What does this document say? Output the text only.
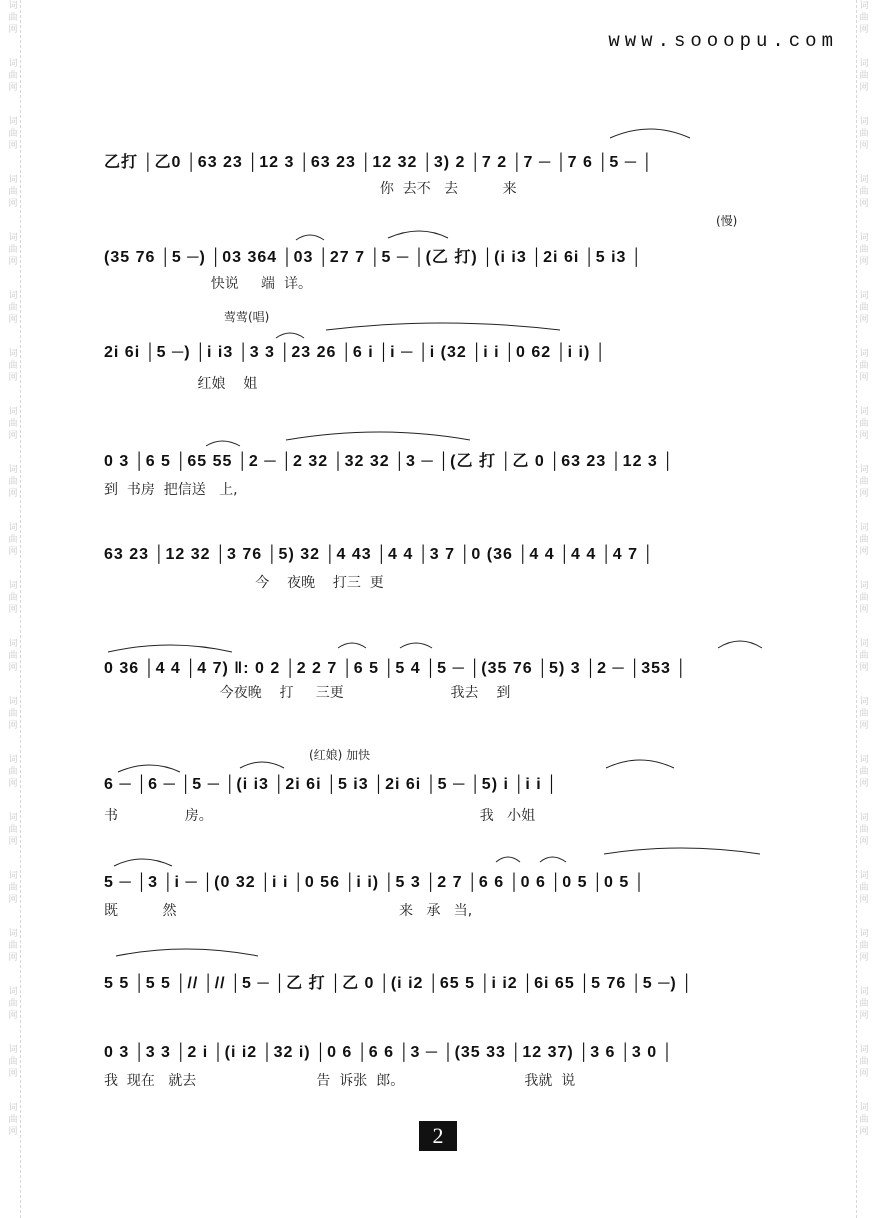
词曲网
词曲网
词曲网
词曲网
词曲网
词曲网
词曲网
词曲网
词曲网
词曲网
词曲网
词曲网
词曲网
词曲网
词曲网
词曲网
词曲网
词曲网
词曲网
词曲网
词曲网
词曲网
词曲网
词曲网
词曲网
词曲网
词曲网
词曲网
词曲网
词曲网
词曲网
词曲网
词曲网
词曲网
词曲网
词曲网
词曲网
词曲网
词曲网
词曲网
www.sooopu.com
乙打 │乙0 │63 23 │12 3 │63 23 │12 32 │3) 2 │7 2 │7 ─ │7 6 │5 ─ │
你  去不   去          来
(慢)
(35 76 │5 ─) │03 364 │03 │27 7 │5 ─ │(乙 打) │(i i3 │2i 6i │5 i3 │
快说     端  详。
莺莺(唱)
2i 6i │5 ─) │i i3 │3 3 │23 26 │6 i │i ─ │i (32 │i i │0 62 │i i) │
红娘    姐
0 3 │6 5 │65 55 │2 ─ │2 32 │32 32 │3 ─ │(乙 打 │乙 0 │63 23 │12 3 │
到  书房  把信送   上,
63 23 │12 32 │3 76 │5) 32 │4 43 │4 4 │3 7 │0 (36 │4 4 │4 4 │4 7 │
今    夜晚    打三  更
0 36 │4 4 │4 7) ‖: 0 2 │2 2 7 │6 5 │5 4 │5 ─ │(35 76 │5) 3 │2 ─ │353 │
今夜晚    打     三更                        我去    到
(红娘) 加快
6 ─ │6 ─ │5 ─ │(i i3 │2i 6i │5 i3 │2i 6i │5 ─ │5) i │i i │
书               房。                                                            我   小姐
5 ─ │3 │i ─ │(0 32 │i i │0 56 │i i) │5 3 │2 7 │6 6 │0 6 │0 5 │0 5 │
既          然                                                  来   承   当,
5 5 │5 5 │// │// │5 ─ │乙 打 │乙 0 │(i i2 │65 5 │i i2 │6i 65 │5 76 │5 ─) │
0 3 │3 3 │2 i │(i i2 │32 i) │0 6 │6 6 │3 ─ │(35 33 │12 37) │3 6 │3 0 │
我  现在   就去                           告  诉张  郎。                           我就  说
2
